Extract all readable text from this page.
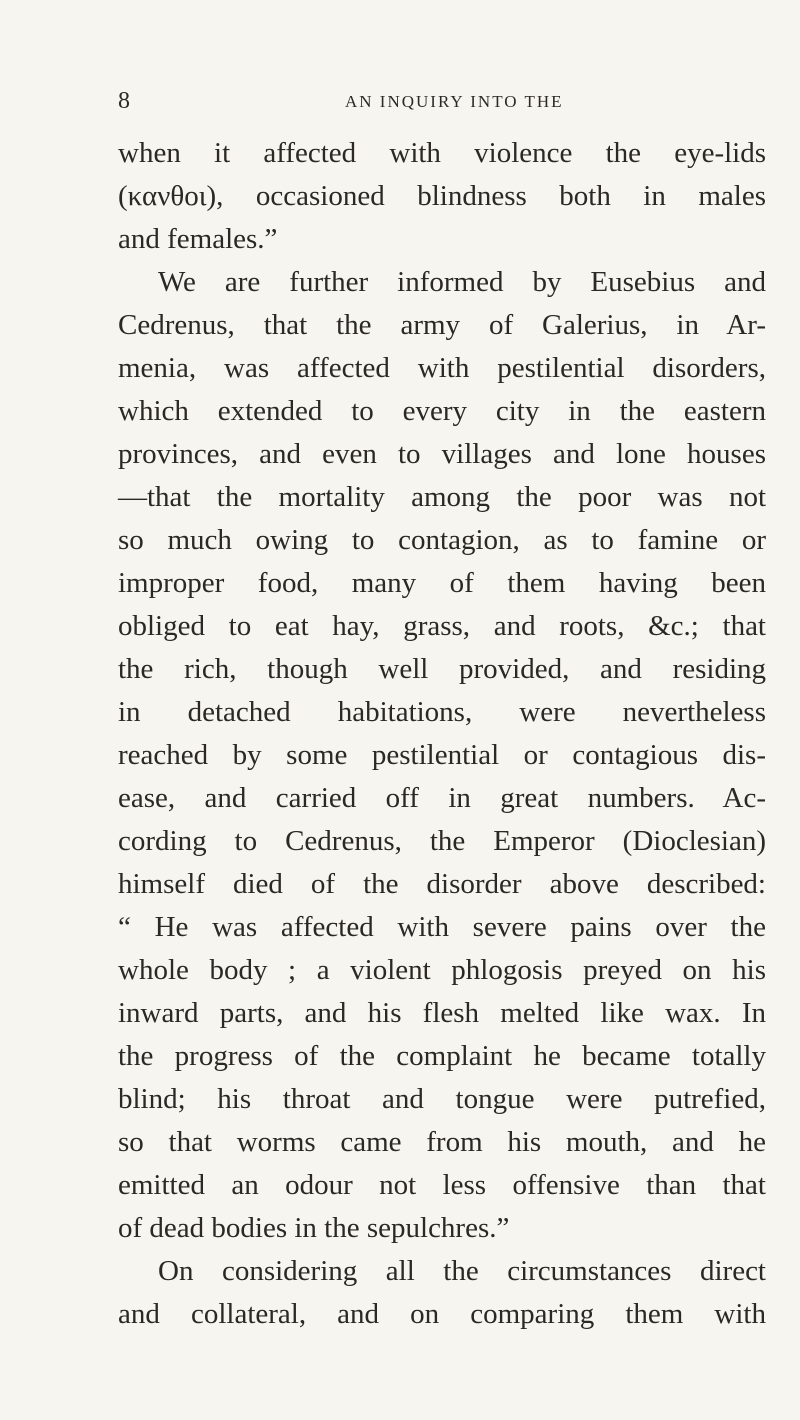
8	AN INQUIRY INTO THE
when it affected with violence the eye-lids
(κανθοι), occasioned blindness both in males
and females.”
We are further informed by Eusebius and
Cedrenus, that the army of Galerius, in Ar-
menia, was affected with pestilential disorders,
which extended to every city in the eastern
provinces, and even to villages and lone houses
—that the mortality among the poor was not
so much owing to contagion, as to famine or
improper food, many of them having been
obliged to eat hay, grass, and roots, &c.; that
the rich, though well provided, and residing
in detached habitations, were nevertheless
reached by some pestilential or contagious dis-
ease, and carried off in great numbers. Ac-
cording to Cedrenus, the Emperor (Dioclesian)
himself died of the disorder above described:
“ He was affected with severe pains over the
whole body ; a violent phlogosis preyed on his
inward parts, and his flesh melted like wax. In
the progress of the complaint he became totally
blind; his throat and tongue were putrefied,
so that worms came from his mouth, and he
emitted an odour not less offensive than that
of dead bodies in the sepulchres.”
On considering all the circumstances direct
and collateral, and on comparing them with
